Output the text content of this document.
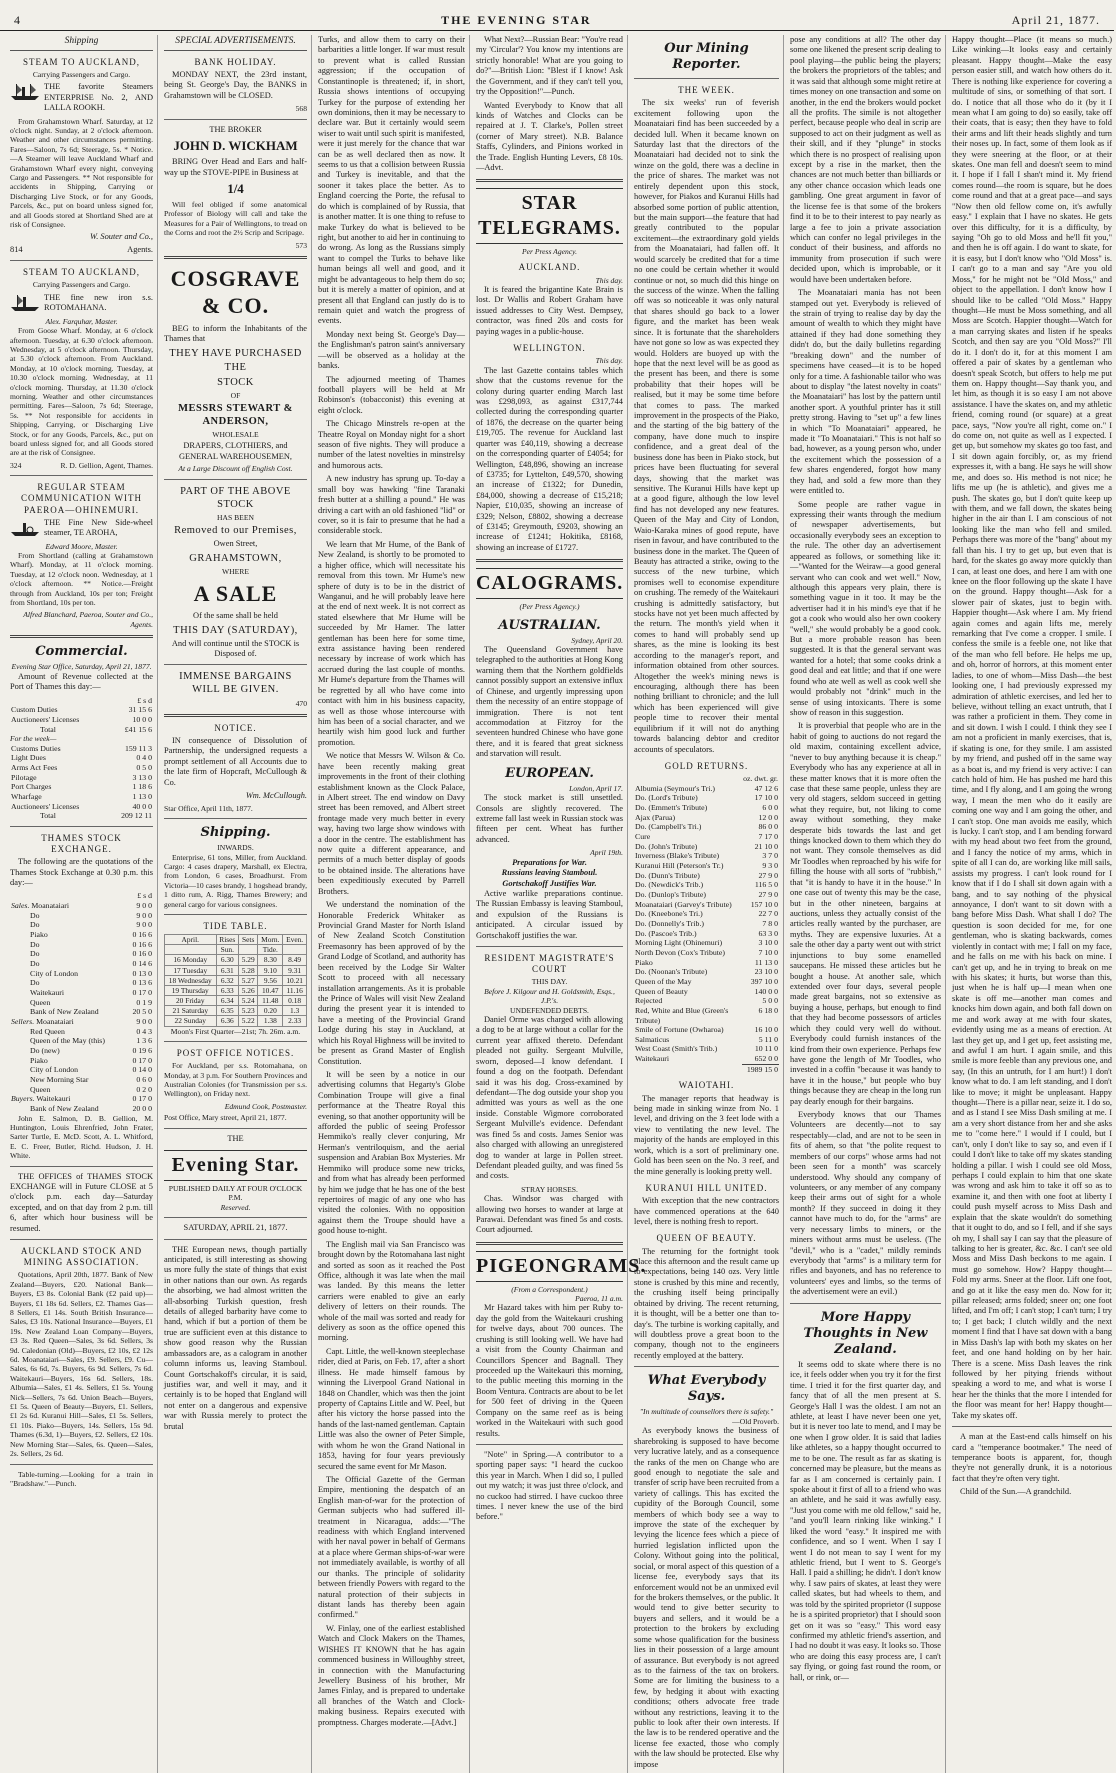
4	THE EVENING STAR	April 21, 1877.
Shipping
STEAM TO AUCKLAND,
Carrying Passengers and Cargo.

THE favorite Steamers ENTERPRISE No. 2, AND LALLA ROOKH.

From Grahamstown Wharf. Saturday, at 12 o'clock night. Sunday, at 2 o'clock afternoon. Weather and other circumstances permitting. Fares—Saloon, 7s 6d; Steerage, 5s. * Notice.—A Steamer will leave Auckland Wharf and Grahamstown Wharf every night, conveying Cargo and Passengers. ** Not responsible for accidents in Shipping, Carrying or Discharging Live Stock, or for any Goods, Parcels, &c., put on board unless signed for, and all Goods stored at Shortland Shed are at risk of Consignee.

W. Souter and Co.,
814	Agents.
STEAM TO AUCKLAND,
Carrying Passengers and Cargo.

THE fine new iron s.s. ROTOMAHANA.

Alex. Farquhar, Master.

From Goose Wharf. Monday, at 6 o'clock afternoon. Tuesday, at 6.30 o'clock afternoon. Wednesday, at 5 o'clock afternoon. Thursday, at 5.30 o'clock afternoon. From Auckland. Monday, at 10 o'clock morning. Tuesday, at 10.30 o'clock morning. Wednesday, at 11 o'clock morning. Thursday, at 11.30 o'clock morning. Weather and other circumstances permitting. Fares—Saloon, 7s 6d; Steerage, 5s. ** Not responsible for accidents in Shipping, Carrying, or Discharging Live Stock, or for any Goods, Parcels, &c., put on board unless signed for, and all Goods stored are at the risk of Consignee.

324	R. D. Gellion, Agent, Thames.
REGULAR STEAM COMMUNICATION WITH PAEROA—OHINEMURI.

THE Fine New Side-wheel steamer, TE AROHA,

Edward Moore, Master.

From Shortland (calling at Grahamstown Wharf). Monday, at 11 o'clock morning. Tuesday, at 12 o'clock noon. Wednesday, at 1 o'clock afternoon. ** Notice.—Freight through from Auckland, 10s per ton; Freight from Shortland, 10s per ton.

Alfred Blanchard, Paeroa, Souter and Co., Agents.
Commercial.
Evening Star Office, Saturday, April 21, 1877.

Amount of Revenue collected at the Port of Thames this day:—

	£ s d
Custom Duties	31 15 6
Auctioneers' Licenses	10 0 0
Total	£41 15 6
For the week—
Customs Duties	159 11 3
Light Dues	0 4 0
Arms Act Fees	0 5 0
Pilotage	3 13 0
Port Charges	1 18 6
Wharfage	1 13 0
Auctioneers' Licenses	40 0 0
Total	209 12 11
THAMES STOCK EXCHANGE.

The following are the quotations of the Thames Stock Exchange at 0.30 p.m. this day:—

	£ s d
Sales. Moanataiari	9 0 0
Do	9 0 0
Do	9 0 0
Piako	0 16 6
Do	0 16 6
Do	0 16 0
Do	0 14 6
City of London	0 13 0
Do	0 13 6
Waitekauri	0 17 0
Queen	0 1 9
Bank of New Zealand	20 5 0
Sellers. Moanataiari	9 0 0
Red Queen	0 4 3
Queen of the May (this)	1 3 6
Do (new)	0 19 6
Piako	0 17 0
City of London	0 14 0
New Morning Star	0 6 0
Queen	0 2 0
Buyers. Waitekauri	0 17 0
Bank of New Zealand	20 0 0

John E. Salmon, D. B. Gellion, M. Huntington, Louis Ehrenfried, John Frater, Sarter Turtle, E. McD. Scott, A. L. Whitford, E. C. Freer, Butler, Richd. Hudson, J. H. White.

THE OFFICES of THAMES STOCK EXCHANGE will in Future CLOSE at 5 o'clock p.m. each day—Saturday excepted, and on that day from 2 p.m. till 6, after which hour business will be resumed.

AUCKLAND STOCK AND MINING ASSOCIATION.

Quotations, April 20th, 1877. Bank of New Zealand—Buyers, £20. National Bank—Buyers, £3 8s. Colonial Bank (£2 paid up)—Buyers, £1 18s 6d. Sellers, £2. Thames Gas—8 Sellers, £1 14s. South British Insurance—Sales, £3 10s. National Insurance—Buyers, £1 19s. New Zealand Loan Company—Buyers, £3 3s. Red Queen—Sales, 3s 6d. Sellers, 3s 9d. Caledonian (Old)—Buyers, £2 10s, £2 12s 6d. Moanataiari—Sales, £9. Sellers, £9. Cu—Sales, 6s 6d, 7s. Buyers, 6s 9d. Sellers, 7s 6d. Waitekauri—Buyers, 16s 6d. Sellers, 18s. Albumia—Sales, £1 4s. Sellers, £1 5s. Young Nick—Sellers, 7s 6d. Union Beach—Buyers, £1 5s. Queen of Beauty—Buyers, £1. Sellers, £1 2s 6d. Kuranui Hill—Sales, £1 5s. Sellers, £1 10s. Piako—Buyers, 14s. Sellers, 15s 9d. Thames (6.3d, 1)—Buyers, £2. Sellers, £2 10s. New Morning Star—Sales, 6s. Queen—Sales, 2s. Sellers, 2s 6d.

Table-turning.—Looking for a train in "Bradshaw."—Punch.

SPECIAL ADVERTISEMENTS.
BANK HOLIDAY.

MONDAY NEXT, the 23rd instant, being St. George's Day, the BANKS in Grahamstown will be CLOSED.

568
THE BROKER
JOHN D. WICKHAM

BRING Over Head and Ears and half-way up the STOVE-PIPE in Business at

1/4

Will feel obliged if some anatomical Professor of Biology will call and take the Measures for a Pair of Wellingtons, to tread on the Corns and root the 2½ Scrip and Scripage.

573
COSGRAVE & CO.

BEG to inform the Inhabitants of the Thames that

THEY HAVE PURCHASED THE
STOCK
OF
MESSRS STEWART & ANDERSON,
WHOLESALE
DRAPERS, CLOTHIERS, and GENERAL WAREHOUSEMEN,
At a Large Discount off English Cost.
PART OF THE ABOVE STOCK
HAS BEEN
Removed to our Premises,
Owen Street,
GRAHAMSTOWN,
WHERE
A SALE
Of the same shall be held
THIS DAY (SATURDAY),
And will continue until the STOCK is Disposed of.
IMMENSE BARGAINS WILL BE GIVEN.
470
NOTICE.

IN consequence of Dissolution of Partnership, the undersigned requests a prompt settlement of all Accounts due to the late firm of Hopcraft, McCullough & Co.

Wm. McCullough.
Star Office, April 11th, 1877.
Shipping.
INWARDS.

Enterprise, 61 tons, Miller, from Auckland. Cargo: 4 cases drapery, Marshall, ex Electra, from London, 6 cases, Broadhurst. From Victoria—10 cases brandy, 1 hogshead brandy, 1 ditto rum, A. Rigg, Thames Brewery; and general cargo for various consignees.

TIDE TABLE.
April.	Rises	Sets	Morn.	Even.
	Sun.		Tide.	
16 Monday	6.30	5.29	8.30	8.49
17 Tuesday	6.31	5.28	9.10	9.31
18 Wednesday	6.32	5.27	9.56	10.21
19 Thursday	6.33	5.26	10.47	11.16
20 Friday	6.34	5.24	11.48	0.18
21 Saturday	6.35	5.23	0.20	1.3
22 Sunday	6.36	5.22	1.38	2.33
Moon's First Quarter—21st; 7h. 26m. a.m.
POST OFFICE NOTICES.

For Auckland, per s.s. Rotomahana, on Monday, at 3 p.m. For Southern Provinces and Australian Colonies (for Transmission per s.s. Wellington), on Friday next.

Edmund Cook, Postmaster.
Post Office, Mary street, April 21, 1877.
THE
Evening Star.
PUBLISHED DAILY AT FOUR O'CLOCK P.M.
Reserved.
SATURDAY, APRIL 21, 1877.

THE European news, though partially anticipated, is still interesting as showing us more fully the state of things that exist in other nations than our own. As regards the absorbing, we had almost written the all-absorbing Turkish question, fresh details of alleged barbarity have come to hand, which if but a portion of them be true are sufficient even at this distance to show good reason why the Russian ambassadors are, as a calogram in another column informs us, leaving Stamboul. Count Gortschakoff's circular, it is said, justifies war, and well it may, and it certainly is to be hoped that England will not enter on a dangerous and expensive war with Russia merely to protect the brutal

Turks, and allow them to carry on their barbarities a little longer. If war must result to prevent what is called Russian aggression; if the occupation of Constantinople is threatened; if, in short, Russia shows intentions of occupying Turkey for the purpose of extending her own dominions, then it may be necessary to declare war. But it certainly would seem wiser to wait until such spirit is manifested, were it just merely for the chance that war can be as well declared then as now. It seems to us that a collision between Russia and Turkey is inevitable, and that the sooner it takes place the better. As to England coercing the Porte, the refusal to do which is complained of by Russia, that is another matter. It is one thing to refuse to make Turkey do what is believed to be right, but another to aid her in continuing to do wrong. As long as the Russians simply want to compel the Turks to behave like human beings all well and good, and it might be advantageous to help them do so; but it is merely a matter of opinion, and at present all that England can justly do is to remain quiet and watch the progress of events.

Monday next being St. George's Day—the Englishman's patron saint's anniversary—will be observed as a holiday at the banks.

The adjourned meeting of Thames football players will be held at Mr Robinson's (tobacconist) this evening at eight o'clock.

The Chicago Minstrels re-open at the Theatre Royal on Monday night for a short season of five nights. They will produce a number of the latest novelties in minstrelsy and humorous acts.

A new industry has sprung up. To-day a small boy was hawking "fine Taranaki fresh butter at a shilling a pound." He was driving a cart with an old fashioned "lid" or cover, so it is fair to presume that he had a considerable stock.

We learn that Mr Hume, of the Bank of New Zealand, is shortly to be promoted to a higher office, which will necessitate his removal from this town. Mr Hume's new sphere of duty is to be in the district of Wanganui, and he will probably leave here at the end of next week. It is not correct as stated elsewhere that Mr Hume will be succeeded by Mr Hamer. The latter gentleman has been here for some time, extra assistance having been rendered necessary by increase of work which has accrued during the last couple of months. Mr Hume's departure from the Thames will be regretted by all who have come into contact with him in his business capacity, as well as those whose intercourse with him has been of a social character, and we heartily wish him good luck and further promotion.

We notice that Messrs W. Wilson & Co. have been recently making great improvements in the front of their clothing establishment known as the Clock Palace, in Albert street. The end window on Davy street has been removed, and Albert street frontage made very much better in every way, having two large show windows with a door in the centre. The establishment has now quite a different appearance, and permits of a much better display of goods to be obtained inside. The alterations have been expeditiously executed by Parrell Brothers.

We understand the nomination of the Honorable Frederick Whitaker as Provincial Grand Master for North Island of New Zealand Scotch Constitution Freemasonry has been approved of by the Grand Lodge of Scotland, and authority has been received by the Lodge Sir Walter Scott to proceed with all necessary installation arrangements. As it is probable the Prince of Wales will visit New Zealand during the present year it is intended to have a meeting of the Provincial Grand Lodge during his stay in Auckland, at which his Royal Highness will be invited to be present as Grand Master of English Constitution.

It will be seen by a notice in our advertising columns that Hegarty's Globe Combination Troupe will give a final performance at the Theatre Royal this evening, so that another opportunity will be afforded the public of seeing Professor Hemmiko's really clever conjuring, Mr Herman's ventriloquism, and the aerial suspension and Arabian Box Mysteries. Mr Hemmiko will produce some new tricks, and from what has already been performed by him we judge that he has one of the best repertoires of magic of any one who has visited the colonies. With no opposition against them the Troupe should have a good house to-night.

The English mail via San Francisco was brought down by the Rotomahana last night and sorted as soon as it reached the Post Office, although it was late when the mail was landed. By this means the letter carriers were enabled to give an early delivery of letters on their rounds. The whole of the mail was sorted and ready for delivery as soon as the office opened this morning.

Capt. Little, the well-known steeplechase rider, died at Paris, on Feb. 17, after a short illness. He made himself famous by winning the Liverpool Grand National in 1848 on Chandler, which was then the joint property of Captains Little and W. Peel, but after his victory the horse passed into the hands of the last-named gentleman. Captain Little was also the owner of Peter Simple, with whom he won the Grand National in 1853, having for four years previously secured the same event for Mr Mason.

The Official Gazette of the German Empire, mentioning the despatch of an English man-of-war for the protection of German subjects who had suffered ill-treatment in Nicaragua, adds:—"The readiness with which England intervened with her naval power in behalf of Germans at a place where German ships-of-war were not immediately available, is worthy of all our thanks. The principle of solidarity between friendly Powers with regard to the natural protection of their subjects in distant lands has thereby been again confirmed."

W. Finlay, one of the earliest established Watch and Clock Makers on the Thames, WISHES IT KNOWN that he has again commenced business in Willoughby street, in connection with the Manufacturing Jewellery Business of his brother, Mr James Finlay, and is prepared to undertake all branches of the Watch and Clock-making business. Repairs executed with promptness. Charges moderate.—[Advt.]

What Next?—Russian Bear: "You're read my 'Circular'? You know my intentions are strictly honorable! What are you going to do?"—British Lion: "Blest if I know! Ask the Government, and if they can't tell you, try the Opposition!"—Punch.

Wanted Everybody to Know that all kinds of Watches and Clocks can be repaired at J. T. Clarke's, Pollen street (corner of Mary street). N.B. Balance Staffs, Cylinders, and Pinions worked in the Trade. English Hunting Levers, £8 10s.—Advt.

STAR TELEGRAMS.
Per Press Agency.
AUCKLAND.
This day.

It is feared the brigantine Kate Brain is lost. Dr Wallis and Robert Graham have issued addresses to City West. Dempsey, contractor, was fined 20s and costs for paying wages in a public-house.

WELLINGTON.
This day.

The last Gazette contains tables which show that the customs revenue for the colony during quarter ending March last was £298,093, as against £317,744 collected during the corresponding quarter of 1876, the decrease on the quarter being £19,705. The revenue for Auckland last quarter was £40,119, showing a decrease on the corresponding quarter of £4054; for Wellington, £48,896, showing an increase of £3735; for Lyttelton, £49,570, showing an increase of £1322; for Dunedin, £84,000, showing a decrease of £15,218; Napier, £10,035, showing an increase of £329; Nelson, £8802, showing a decrease of £3145; Greymouth, £9203, showing an increase of £1241; Hokitika, £8168, showing an increase of £1727.

CALOGRAMS.
(Per Press Agency.)
AUSTRALIAN.
Sydney, April 20.

The Queensland Government have telegraphed to the authorities at Hong Kong warning them that the Northern goldfields cannot possibly support an extensive influx of Chinese, and urgently impressing upon them the necessity of an entire stoppage of immigration. There is not tent accommodation at Fitzroy for the seventeen hundred Chinese who have gone there, and it is feared that great sickness and starvation will result.

EUROPEAN.
London, April 17.

The stock market is still unsettled. Consols are slightly recovered. The extreme fall last week in Russian stock was fifteen per cent. Wheat has further advanced.

April 19th.
Preparations for War.
Russians leaving Stamboul.
Gortschakoff Justifies War.

Active warlike preparations continue. The Russian Embassy is leaving Stamboul, and expulsion of the Russians is anticipated. A circular issued by Gortschakoff justifies the war.

RESIDENT MAGISTRATE'S COURT
THIS DAY.
Before J. Kilgour and H. Goldsmith, Esqs., J.P.'s.
UNDEFENDED DEBTS.

Daniel Orme was charged with allowing a dog to be at large without a collar for the current year affixed thereto. Defendant pleaded not guilty. Sergeant Mulville, sworn, deposed—I know defendant. I found a dog on the footpath. Defendant said it was his dog. Cross-examined by defendant—The dog outside your shop you admitted was yours as well as the one inside. Constable Wigmore corroborated Sergeant Mulville's evidence. Defendant was fined 5s and costs. James Senior was also charged with allowing an unregistered dog to wander at large in Pollen street. Defendant pleaded guilty, and was fined 5s and costs.

STRAY HORSES.

Chas. Windsor was charged with allowing two horses to wander at large at Parawai. Defendant was fined 5s and costs. Court adjourned.

PIGEONGRAMS.
(From a Correspondent.)
Paeroa, 11 a.m.

Mr Hazard takes with him per Ruby to-day the gold from the Waitekauri crushing for twelve days, about 700 ounces. The crushing is still looking well. We have had a visit from the County Chairman and Councillors Spencer and Bagnall. They proceeded up the Waitekauri this morning, to the public meeting this morning in the Boom Ventura. Contracts are about to be let for 500 feet of driving in the Queen Company on the same reef as is being worked in the Waitekauri with such good results.

"Note" in Spring.—A contributor to a sporting paper says: "I heard the cuckoo this year in March. When I did so, I pulled out my watch; it was just three o'clock, and no cuckoo had stirred. I have cuckoo three times. I never knew the use of the bird before."

Our Mining Reporter.
THE WEEK.

The six weeks' run of feverish excitement following upon the Moanataiari find has been succeeded by a decided lull. When it became known on Saturday last that the directors of the Moanataiari had decided not to sink the winze on the gold, there was a decline in the price of shares. The market was not entirely dependent upon this stock, however, for Piakos and Kuranui Hills had absorbed some portion of public attention, but the main support—the feature that had greatly contributed to the popular excitement—the extraordinary gold yields from the Moanataiari, had fallen off. It would scarcely be credited that for a time no one could be certain whether it would continue or not, so much did this hinge on the success of the winze. When the falling off was so noticeable it was only natural that shares should go back to a lower figure, and the market has been weak since. It is fortunate that the shareholders have not gone so low as was expected they would. Holders are buoyed up with the hope that the next level will be as good as the present has been, and there is some probability that their hopes will be realised, but it may be some time before that comes to pass. The marked improvement in the prospects of the Piako, and the starting of the big battery of the company, have done much to inspire confidence, and a great deal of the business done has been in Piako stock, but prices have been fluctuating for several days, showing that the market was sensitive. The Kuranui Hills have kept up at a good figure, although the low level find has not developed any new features. Queen of the May and City of London, Waio-Karaka mines of good repute, have risen in favour, and have contributed to the business done in the market. The Queen of Beauty has attracted a strike, owing to the success of the new turbine, which promises well to economise expenditure on crushing. The remedy of the Waitekauri crushing is admittedly satisfactory, but stocks have not yet been much affected by the return. The month's yield when it comes to hand will probably send up shares, as the mine is looking its best according to the manager's report, and information obtained from other sources. Altogether the week's mining news is encouraging, although there has been nothing brilliant to chronicle; and the lull which has been experienced will give people time to recover their mental equilibrium if it will not do anything towards balancing debtor and creditor accounts of speculators.

GOLD RETURNS.
	oz. dwt. gr.
Albumia (Seymour's Tri.)	47 12 6
Do. (Lord's Tribute)	17 10 0
Do. (Emmett's Tribute)	6 0 0
Ajax (Parua)	12 0 0
Do. (Campbell's Tri.)	86 0 0
Cure	7 17 0
Do. (John's Tribute)	21 10 0
Inverness (Blake's Tribute)	3 7 0
Kuranui Hill (Peterson's Tr.)	9 3 0
Do. (Dunn's Tribute)	27 9 0
Do. (Newdick's Trib.)	116 5 0
Do. (Dunlop's Tribute)	27 9 0
Moanataiari (Garvey's Tribute)	157 10 0
Do. (Kneebone's Tri.)	22 7 0
Do. (Donnelly's Trib.)	7 8 0
Do. (Pascoe's Trib.)	63 3 0
Morning Light (Ohinemuri)	3 10 0
North Devon (Cox's Tribute)	7 10 0
Piako	11 13 0
Do. (Noonan's Tribute)	23 10 0
Queen of the May	397 10 0
Queen of Beauty	140 0 0
Rejected	5 0 0
Red, White and Blue (Green's Tribute)	6 18 0
Smile of Fortune (Owharoa)	16 10 0
Salmaticus	5 11 0
West Coast (Smith's Trib.)	10 11 0
Waitekauri	652 0 0
	1989 15 0
WAIOTAHI.

The manager reports that headway is being made in sinking winze from No. 1 level, and driving on the 3 feet lode with a view to ventilating the new level. The majority of the hands are employed in this work, which is a sort of preliminary one. Gold has been seen on the No. 3 reef, and the mine generally is looking pretty well.

KURANUI HILL UNITED.

With exception that the new contractors have commenced operations at the 640 level, there is nothing fresh to report.

QUEEN OF BEAUTY.

The returning for the fortnight took place this afternoon and the result came up to expectations, being 140 ozs. Very little stone is crushed by this mine and recently, the crushing itself being principally obtained by driving. The recent returning, it is thought, will be a better one than to-day's. The turbine is working capitally, and will doubtless prove a great boon to the company, though not to the engineers recently employed at the battery.

What Everybody Says.
"In multitude of counsellors there is safety."
—Old Proverb.

As everybody knows the business of sharebroking is supposed to have become very lucrative lately, and as a consequence the ranks of the men on Change who are good enough to negotiate the sale and transfer of scrip have been recruited from a variety of callings. This has excited the cupidity of the Borough Council, some members of which body see a way to improve the state of the exchequer by levying the licence fees which a piece of hurried legislation inflicted upon the Colony. Without going into the political, social, or moral aspect of this question of a license fee, everybody says that its enforcement would not be an unmixed evil for the brokers themselves, or the public. It would tend to give better security to buyers and sellers, and it would be a protection to the brokers by excluding some whose qualification for the business lies in their possession of a large amount of assurance. But everybody is not agreed as to the fairness of the tax on brokers. Some are for limiting the business to a few, by hedging it about with exacting conditions; others advocate free trade without any restrictions, leaving it to the public to look after their own interests. If the law is to be rendered operative and the license fee exacted, those who comply with the law should be protected. Else why impose

pose any conditions at all? The other day some one likened the present scrip dealing to pool playing—the public being the players; the brokers the proprietors of the tables; and it was said that although some might retire at times money on one transaction and some on another, in the end the brokers would pocket all the profits. The simile is not altogether perfect, because people who deal in scrip are supposed to act on their judgment as well as their skill, and if they "plunge" in stocks which there is no prospect of realising upon except by a rise in the market, then the chances are not much better than billiards or any other chance occasion which leads one gambling. One great argument in favor of the license fee is that some of the brokers find it to be to their interest to pay nearly as large a fee to join a private association which can confer no legal privileges in the conduct of their business, and affords no immunity from prosecution if such were decided upon, which is improbable, or it would have been undertaken before.

The Moanataiari mania has not been stamped out yet. Everybody is relieved of the strain of trying to realise day by day the amount of wealth to which they might have attained if they had done something they didn't do, but the daily bulletins regarding "breaking down" and the number of specimens have ceased—it is to be hoped only for a time. A fashionable tailor who was about to display "the latest novelty in coats" the Moanataiari" has lost by the pattern until another sport. A youthful printer has it still pretty strong. Having to "set up" a few lines in which "To Moanataiari" appeared, he made it "To Moanataiari." This is not half so bad, however, as a young person who, under the excitement which the possession of a few shares engendered, forgot how many they had, and sold a few more than they were entitled to.

Some people are rather vague in expressing their wants through the medium of newspaper advertisements, but occasionally everybody sees an exception to the rule. The other day an advertisement appeared as follows, or something like it: —"Wanted for the Weiraw—a good general servant who can cook and wet well." Now, although this appears very plain, there is something vague in it too. It may be the advertiser had it in his mind's eye that if he got a cook who would also her own cookery "well," she would probably be a good cook. But a more probable reason has been suggested. It is that the general servant was wanted for a hotel; that some cooks drink a good deal and eat little; and that if one were found who ate well as well as cook well she would probably not "drink" much in the sense of using intoxicants. There is some show of reason in this suggestion.

It is proverbial that people who are in the habit of going to auctions do not regard the old maxim, containing excellent advice, "never to buy anything because it is cheap." Everybody who has any experience at all in these matter knows that it is more often the case that these same people, unless they are very old stagers, seldom succeed in getting what they require, but, not liking to come away without something, they make desperate bids towards the last and get things knocked down to them which they do not want. They console themselves as did Mr Toodles when reproached by his wife for filling the house with all sorts of "rubbish," that "it is handy to have it in the house." In one case out of twenty this may be the case, but in the other nineteen, bargains at auctions, unless they actually consist of the articles really wanted by the purchaser, are myths. They are expensive luxuries. At a sale the other day a party went out with strict injunctions to buy some enamelled saucepans. He missed these articles but he bought a house. At another sale, which extended over four days, several people made great bargains, not so extensive as buying a house, perhaps, but enough to find that they had become possessors of articles which they could very well do without. Everybody could furnish instances of the kind from their own experience. Perhaps few have gone the length of Mr Toodles, who invested in a coffin "because it was handy to have it in the house," but people who buy things because they are cheap in the long run pay dearly enough for their bargains.

Everybody knows that our Thames Volunteers are decently—not to say respectably—clad, and are not to be seen in fits of ahem, so that "the polite request to members of our corps" whose arms had not been seen for a month" was scarcely understood. Why should any company of volunteers, or any member of any company keep their arms out of sight for a whole month? If they succeed in doing it they cannot have much to do, for the "arms" are very necessary limbs to miners, or the miners without arms must be useless. (The "devil," who is a "cadet," mildly reminds everybody that "arms" is a military term for rifles and bayonets, and has no reference to volunteers' eyes and limbs, so the terms of the advertisement were an evil.)

More Happy Thoughts in New Zealand.

It seems odd to skate where there is no ice, it feels odder when you try it for the first time. I tried it for the first quarter day, and fancy that of all the men present at S. George's Hall I was the oldest. I am not an athlete, at least I have never been one yet, but it is never too late to mend, and I may be one when I grow older. It is said that ladies like athletes, so a happy thought occurred to me to be one. The result as far as skating is concerned may be pleasure, but the means as far as I am concerned is certainly pain. I spoke about it first of all to a friend who was an athlete, and he said it was awfully easy. "Just you come with me old fellow," said he, "and you'll learn rinking like winking." I liked the word "easy." It inspired me with confidence, and so I went. When I say I went I do not mean to say I went for my athletic friend, but I went to S. George's Hall. I paid a shilling; he didn't. I don't know why. I saw pairs of skates, at least they were called skates, but had wheels to them, and was told by the spirited proprietor (I suppose he is a spirited proprietor) that I should soon get on it was so "easy." This word easy confirmed my athletic friend's assertion, and I had no doubt it was easy. It looks so. Those who are doing this easy process are, I can't say flying, or going fast round the room, or hall, or rink, or—

Happy thought—Place (it means so much.) Like winking—It looks easy and certainly pleasant. Happy thought—Make the easy person easier still, and watch how others do it. There is nothing like experience for covering a multitude of sins, or something of that sort. I do. I notice that all those who do it (by it I mean what I am going to do) so easily, take off their coats, that is easy; then they have to fold their arms and lift their heads slightly and turn their noses up. In fact, some of them look as if they were sneering at the floor, or at their skates. One man fell and doesn't seem to mind it. I hope if I fall I shan't mind it. My friend comes round—the room is square, but he does come round and that at a great pace—and says "Now then old fellow come on, it's awfully easy." I explain that I have no skates. He gets over this difficulty, for it is a difficulty, by saying "Oh go to old Moss and he'll fit you," and then he is off again. I do want to skate, for it is easy, but I don't know who "Old Moss" is. I can't go to a man and say "Are you old Moss," for he might not be "Old Moss," and object to the appellation. I don't know how I should like to be called "Old Moss." Happy thought—He must be Moss something, and all Moss are Scotch. Happier thought—Watch for a man carrying skates and listen if he speaks Scotch, and then say are you "Old Moss?" I'll do it. I don't do it, for at this moment I am offered a pair of skates by a gentleman who doesn't speak Scotch, but offers to help me put them on. Happy thought—Say thank you, and let him, as though it is so easy I am not above assistance. I have the skates on, and my athletic friend, coming round (or square) at a great pace, says, "Now you're all right, come on." I do come on, not quite as well as I expected. I get up, but somehow my skates go too fast, and I sit down again forcibly, or, as my friend expresses it, with a bang. He says he will show me, and does so. His method is not nice; he lifts me up (he is athletic), and gives me a push. The skates go, but I don't quite keep up with them, and we fall down, the skates being higher in the air than I. I am conscious of not looking like the man who fell and smiled. Perhaps there was more of the "bang" about my fall than his. I try to get up, but even that is hard, for the skates go away more quickly than I can, at least one does, and here I am with one knee on the floor following up the skate I have on the ground. Happy thought—Ask for a slower pair of skates, just to begin with. Happier thought—Ask where I am. My friend again comes and again lifts me, merely remarking that I've come a cropper. I smile. I confess the smile is a feeble one, not like that of the man who fell before. He helps me up, and oh, horror of horrors, at this moment enter ladies, to one of whom—Miss Dash—the best looking one, I had previously expressed my admiration of athletic exercises, and led her to believe, without telling an exact untruth, that I was rather a proficient in them. They come in and sit down. I wish I could. I think they see I am not a proficient in manly exercises, that is, if skating is one, for they smile. I am assisted by my friend, and pushed off in the same way as a boat is, and my friend is very active: I can catch hold of him. He has pushed me hard this time, and I fly along, and I am going the wrong way, I mean the men who do it easily are coming one way and I am going the other, and I can't stop. One man avoids me easily, which is lucky. I can't stop, and I am bending forward with my head about two feet from the ground, and I fancy the notice of my arms, which in spite of all I can do, are working like mill sails, assists my progress. I can't look round for I know that if I do I shall sit down again with a bang, and to say nothing of the physical annoyance, I don't want to sit down with a bang before Miss Dash. What shall I do? The question is soon decided for me, for one gentleman, who is skating backwards, comes violently in contact with me; I fall on my face, and he falls on me with his back on mine. I can't get up, and he in trying to break on me with his skates; it hurts, but worse than this, just when he is half up—I mean when one skate is off me—another man comes and knocks him down again, and both fall down on me and work away at me with four skates, evidently using me as a means of erection. At last they get up, and I get up, feet assisting me, and awful I am hurt. I again smile, and this smile is more feeble than any previous one, and say, (In this an untruth, for I am hurt!) I don't know what to do. I am left standing, and I don't like to move; it might be unpleasant. Happy thought—There is a pillar near, seize it. I do so, and as I stand I see Miss Dash smiling at me. I am a very short distance from her and she asks me to "come here." I would if I could, but I can't, only I don't like to say so, and even if I could I don't like to take off my skates standing holding a pillar. I wish I could see old Moss, perhaps I could explain to him that one skate was wrong and ask him to take it off so as to examine it, and then with one foot at liberty I could push myself across to Miss Dash and explain that the skate wouldn't do something that it ought to do, and so I fell, and if she says oh my, I shall say I can say that the pleasure of talking to her is greater, &c. &c. I can't see old Moss and Miss Dash beckons to me again. I must go somehow. How? Happy thought—Fold my arms. Sneer at the floor. Lift one foot, and go at it like the easy men do. Now for it; pillar released; arms folded; sneer on; one foot lifted, and I'm off; I can't stop; I can't turn; I try to; I get back; I clutch wildly and the next moment I find that I have sat down with a bang in Miss Dash's lap with both my skates on her feet, and one hand holding on by her hair. There is a scene. Miss Dash leaves the rink followed by her pitying friends without speaking a word to me, and what is worse I hear her the thinks that the more I intended for the floor was meant for her! Happy thought—Take my skates off.

A man at the East-end calls himself on his card a "temperance bootmaker." The need of temperance boots is apparent, for, though they're not generally drunk, it is a notorious fact that they're often very tight.

Child of the Sun.—A grandchild.
